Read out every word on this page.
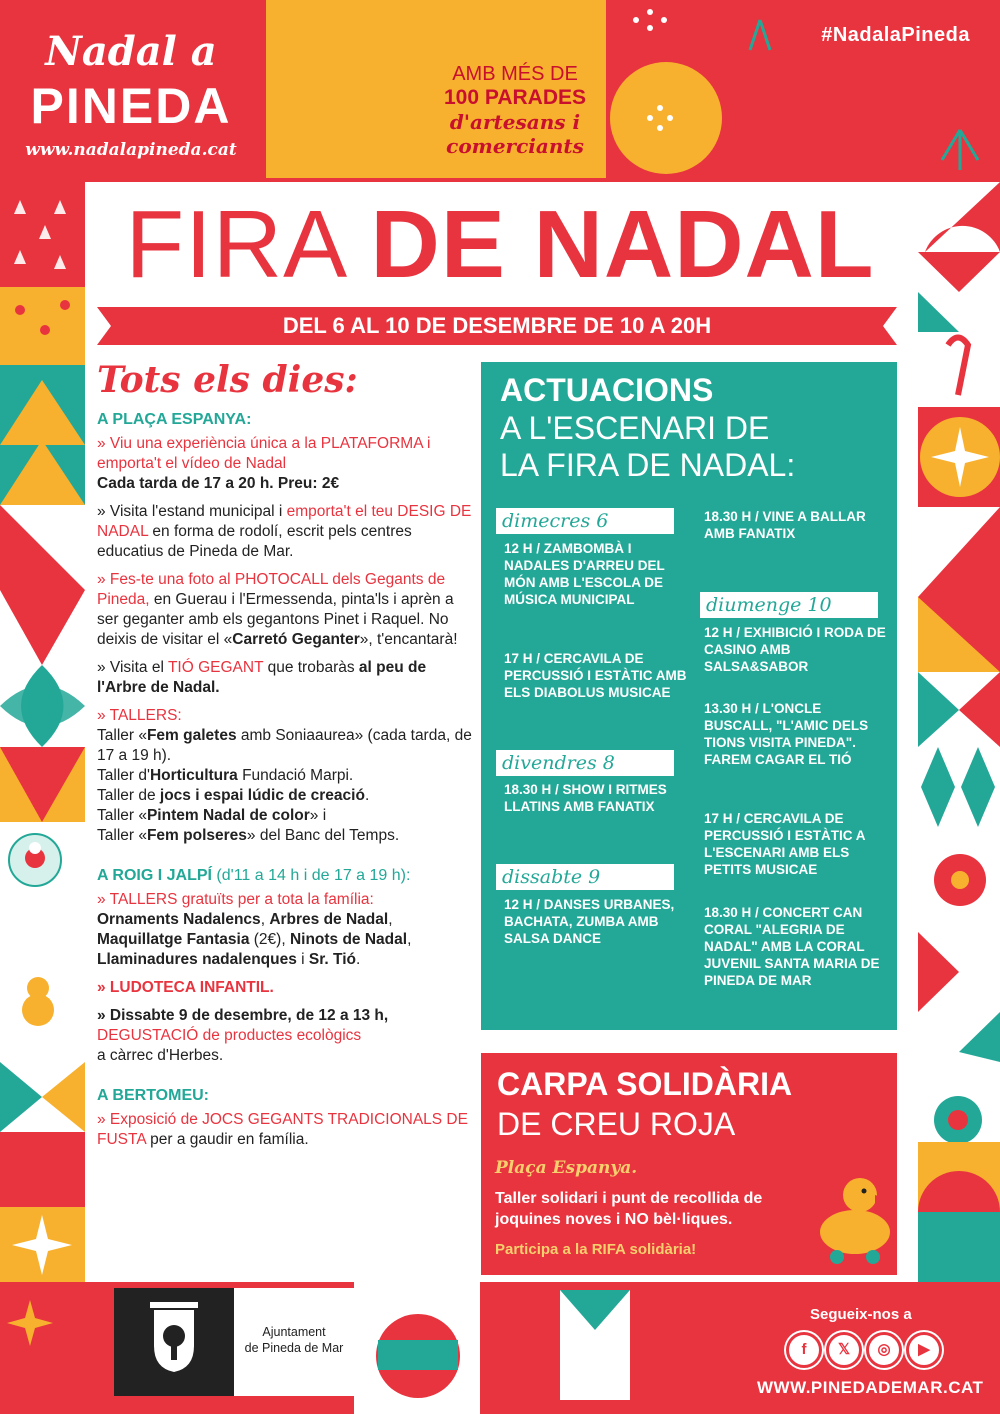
Nadal a
PINEDA
www.nadalapineda.cat
AMB MÉS DE
100 PARADES
d'artesans i
comerciants
#NadalaPineda
FIRA DE NADAL
DEL 6 AL 10 DE DESEMBRE DE 10 A 20H
Tots els dies:
A PLAÇA ESPANYA:
» Viu una experiència única a la PLATAFORMA i emporta't el vídeo de Nadal
Cada tarda de 17 a 20 h. Preu: 2€
» Visita l'estand municipal i emporta't el teu DESIG DE NADAL en forma de rodolí, escrit pels centres educatius de Pineda de Mar.
» Fes-te una foto al PHOTOCALL dels Gegants de Pineda, en Guerau i l'Ermessenda, pinta'ls i aprèn a ser geganter amb els gegantons Pinet i Raquel. No deixis de visitar el «Carretó Geganter», t'encantarà!
» Visita el TIÓ GEGANT que trobaràs al peu de l'Arbre de Nadal.
» TALLERS:
Taller «Fem galetes amb Soniaaurea» (cada tarda, de 17 a 19 h).
Taller d'Horticultura Fundació Marpi.
Taller de jocs i espai lúdic de creació.
Taller «Pintem Nadal de color» i
Taller «Fem polseres» del Banc del Temps.
A ROIG I JALPÍ (d'11 a 14 h i de 17 a 19 h):
» TALLERS gratuïts per a tota la família:
Ornaments Nadalencs, Arbres de Nadal,
Maquillatge Fantasia (2€), Ninots de Nadal,
Llaminadures nadalenques i Sr. Tió.
» LUDOTECA INFANTIL.
» Dissabte 9 de desembre, de 12 a 13 h,
DEGUSTACIÓ de productes ecològics
a càrrec d'Herbes.
A BERTOMEU:
» Exposició de JOCS GEGANTS TRADICIONALS DE FUSTA per a gaudir en família.
ACTUACIONS
A L'ESCENARI DE
LA FIRA DE NADAL:
dimecres 6
12 H / ZAMBOMBÀ I NADALES D'ARREU DEL MÓN AMB L'ESCOLA DE MÚSICA MUNICIPAL
17 H / CERCAVILA DE PERCUSSIÓ I ESTÀTIC AMB ELS DIABOLUS MUSICAE
divendres 8
18.30 H / SHOW I RITMES LLATINS AMB FANATIX
dissabte 9
12 H / DANSES URBANES, BACHATA, ZUMBA AMB SALSA DANCE
18.30 H / VINE A BALLAR AMB FANATIX
diumenge 10
12 H / EXHIBICIÓ I RODA DE CASINO AMB SALSA&SABOR
13.30 H / L'ONCLE BUSCALL, "L'AMIC DELS TIONS VISITA PINEDA". FAREM CAGAR EL TIÓ
17 H / CERCAVILA DE PERCUSSIÓ I ESTÀTIC A L'ESCENARI AMB ELS PETITS MUSICAE
18.30 H / CONCERT CAN CORAL "ALEGRIA DE NADAL" AMB LA CORAL JUVENIL SANTA MARIA DE PINEDA DE MAR
CARPA SOLIDÀRIA
DE CREU ROJA
Plaça Espanya.
Taller solidari i punt de recollida de joquines noves i NO bèl·liques.
Participa a la RIFA solidària!
Ajuntament
de Pineda de Mar
Segueix-nos a
f	𝕏	◎	▶
WWW.PINEDADEMAR.CAT
